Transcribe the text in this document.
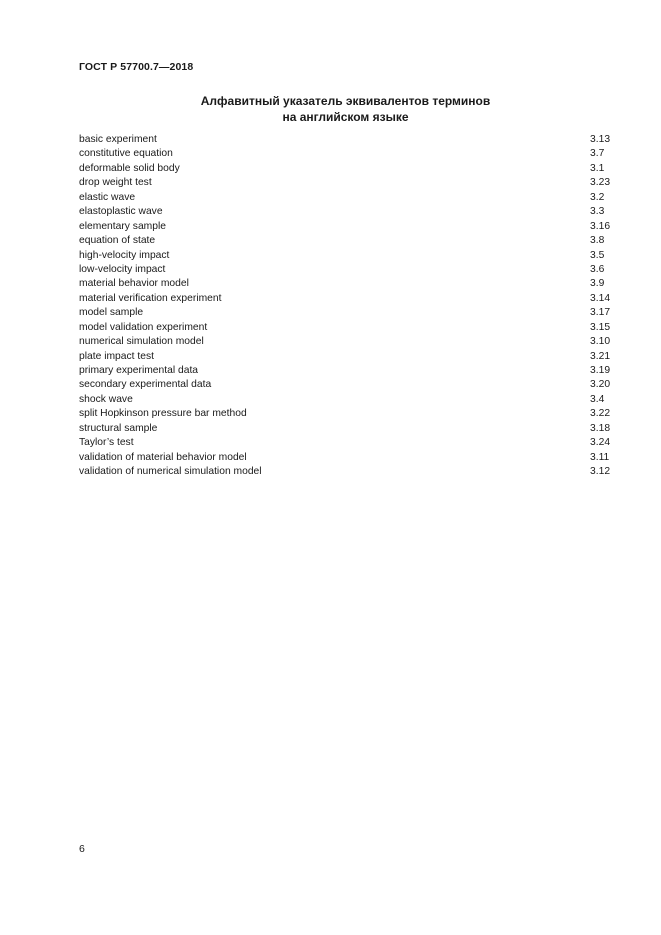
ГОСТ Р 57700.7—2018
Алфавитный указатель эквивалентов терминов
на английском языке
basic experiment	3.13
constitutive equation	3.7
deformable solid body	3.1
drop weight test	3.23
elastic wave	3.2
elastoplastic wave	3.3
elementary sample	3.16
equation of state	3.8
high-velocity impact	3.5
low-velocity impact	3.6
material behavior model	3.9
material verification experiment	3.14
model sample	3.17
model validation experiment	3.15
numerical simulation model	3.10
plate impact test	3.21
primary experimental data	3.19
secondary experimental data	3.20
shock wave	3.4
split Hopkinson pressure bar method	3.22
structural sample	3.18
Taylor’s test	3.24
validation of material behavior model	3.11
validation of numerical simulation model	3.12
6
